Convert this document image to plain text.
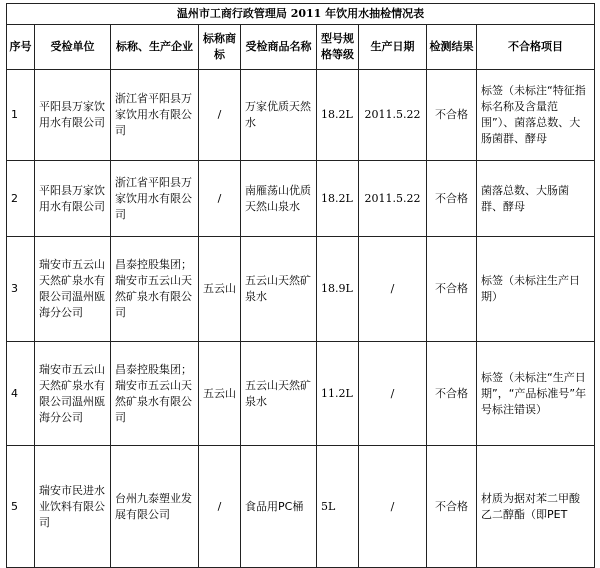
温州市工商行政管理局 2011 年饮用水抽检情况表								
序号	受检单位	标称、生产企业	标称商标	受检商品名称	型号规格等级	生产日期	检测结果	不合格项目
1	平阳县万家饮用水有限公司	浙江省平阳县万家饮用水有限公司	/	万家优质天然水	18.2L	2011.5.22	不合格	标签（未标注“特征指标名称及含量范围”）、菌落总数、大肠菌群、酵母
2	平阳县万家饮用水有限公司	浙江省平阳县万家饮用水有限公司	/	南雁荡山优质天然山泉水	18.2L	2011.5.22	不合格	菌落总数、大肠菌群、酵母
3	瑞安市五云山天然矿泉水有限公司温州瓯海分公司	昌泰控股集团；瑞安市五云山天然矿泉水有限公司	五云山	五云山天然矿泉水	18.9L	/	不合格	标签（未标注生产日期）
4	瑞安市五云山天然矿泉水有限公司温州瓯海分公司	昌泰控股集团；瑞安市五云山天然矿泉水有限公司	五云山	五云山天然矿泉水	11.2L	/	不合格	标签（未标注“生产日期”，“产品标准号”年号标注错误）
5	瑞安市民进水业饮料有限公司	台州九泰塑业发展有限公司	/	食品用PC桶	5L	/	不合格	材质为据对苯二甲酸乙二醇酯（即PET
